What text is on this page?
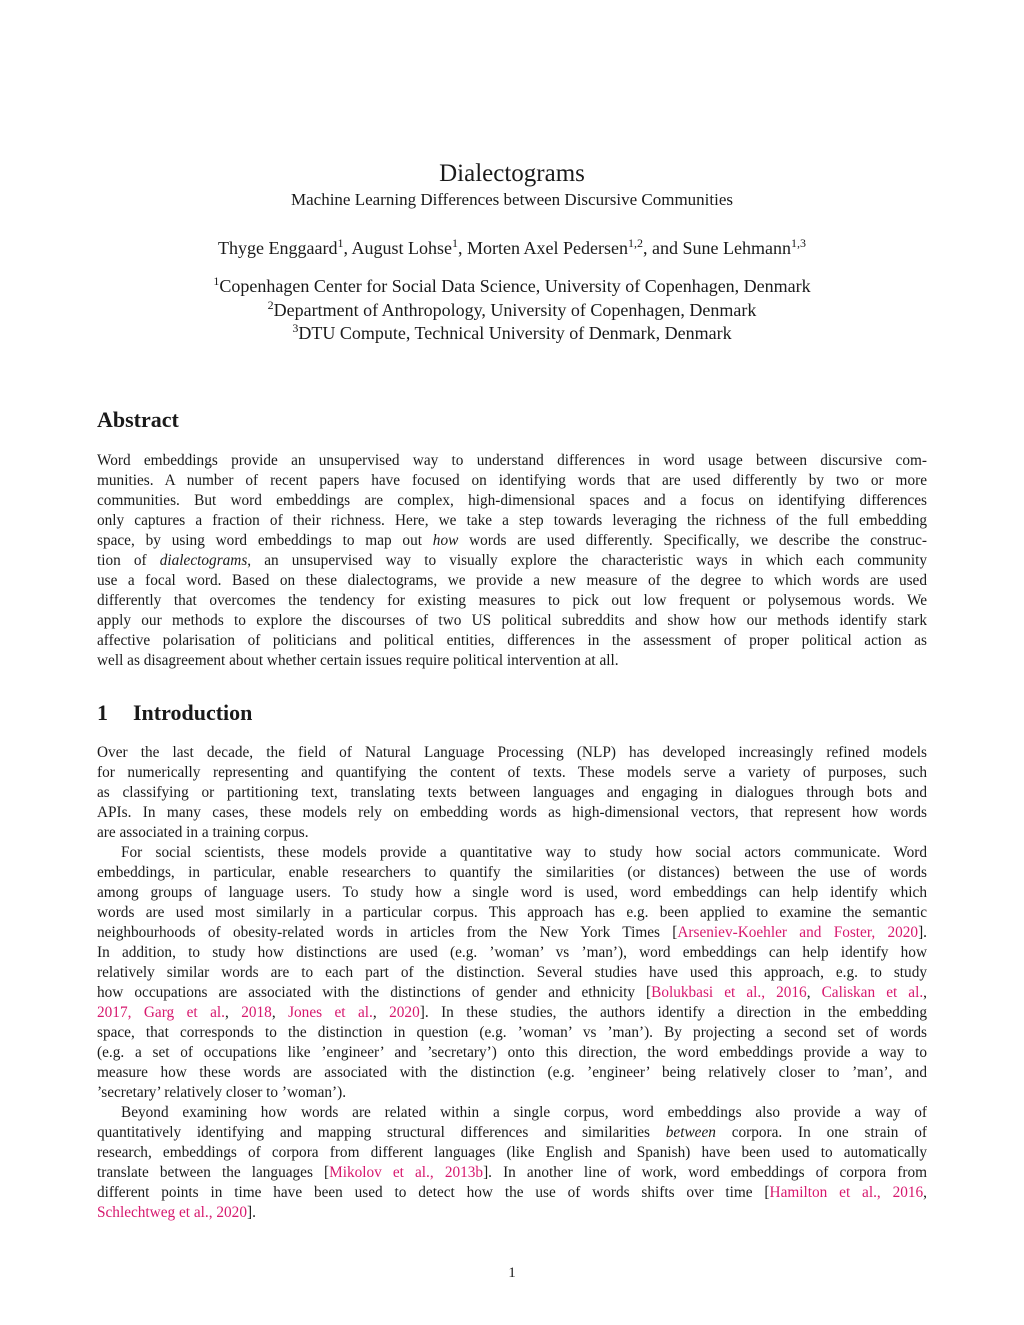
Dialectograms
Machine Learning Differences between Discursive Communities
Thyge Enggaard$^1$, August Lohse$^1$, Morten Axel Pedersen$^{1,2}$, and Sune Lehmann$^{1,3}$
$^1$Copenhagen Center for Social Data Science, University of Copenhagen, Denmark
$^2$Department of Anthropology, University of Copenhagen, Denmark
$^3$DTU Compute, Technical University of Denmark, Denmark
Abstract
Word embeddings provide an unsupervised way to understand differences in word usage between discursive com-
munities. A number of recent papers have focused on identifying words that are used differently by two or more
communities. But word embeddings are complex, high-dimensional spaces and a focus on identifying differences
only captures a fraction of their richness. Here, we take a step towards leveraging the richness of the full embedding
space, by using word embeddings to map out how words are used differently. Specifically, we describe the construc-
tion of dialectograms, an unsupervised way to visually explore the characteristic ways in which each community
use a focal word. Based on these dialectograms, we provide a new measure of the degree to which words are used
differently that overcomes the tendency for existing measures to pick out low frequent or polysemous words. We
apply our methods to explore the discourses of two US political subreddits and show how our methods identify stark
affective polarisation of politicians and political entities, differences in the assessment of proper political action as
well as disagreement about whether certain issues require political intervention at all.
1 Introduction
Over the last decade, the field of Natural Language Processing (NLP) has developed increasingly refined models
for numerically representing and quantifying the content of texts. These models serve a variety of purposes, such
as classifying or partitioning text, translating texts between languages and engaging in dialogues through bots and
APIs. In many cases, these models rely on embedding words as high-dimensional vectors, that represent how words
are associated in a training corpus.
For social scientists, these models provide a quantitative way to study how social actors communicate. Word
embeddings, in particular, enable researchers to quantify the similarities (or distances) between the use of words
among groups of language users. To study how a single word is used, word embeddings can help identify which
words are used most similarly in a particular corpus. This approach has e.g. been applied to examine the semantic
neighbourhoods of obesity-related words in articles from the New York Times [Arseniev-Koehler and Foster, 2020].
In addition, to study how distinctions are used (e.g. ’woman’ vs ’man’), word embeddings can help identify how
relatively similar words are to each part of the distinction. Several studies have used this approach, e.g. to study
how occupations are associated with the distinctions of gender and ethnicity [Bolukbasi et al., 2016, Caliskan et al.,
2017, Garg et al., 2018, Jones et al., 2020]. In these studies, the authors identify a direction in the embedding
space, that corresponds to the distinction in question (e.g. ’woman’ vs ’man’). By projecting a second set of words
(e.g. a set of occupations like ’engineer’ and ’secretary’) onto this direction, the word embeddings provide a way to
measure how these words are associated with the distinction (e.g. ’engineer’ being relatively closer to ’man’, and
’secretary’ relatively closer to ’woman’).
Beyond examining how words are related within a single corpus, word embeddings also provide a way of
quantitatively identifying and mapping structural differences and similarities between corpora. In one strain of
research, embeddings of corpora from different languages (like English and Spanish) have been used to automatically
translate between the languages [Mikolov et al., 2013b]. In another line of work, word embeddings of corpora from
different points in time have been used to detect how the use of words shifts over time [Hamilton et al., 2016,
Schlechtweg et al., 2020].
1
